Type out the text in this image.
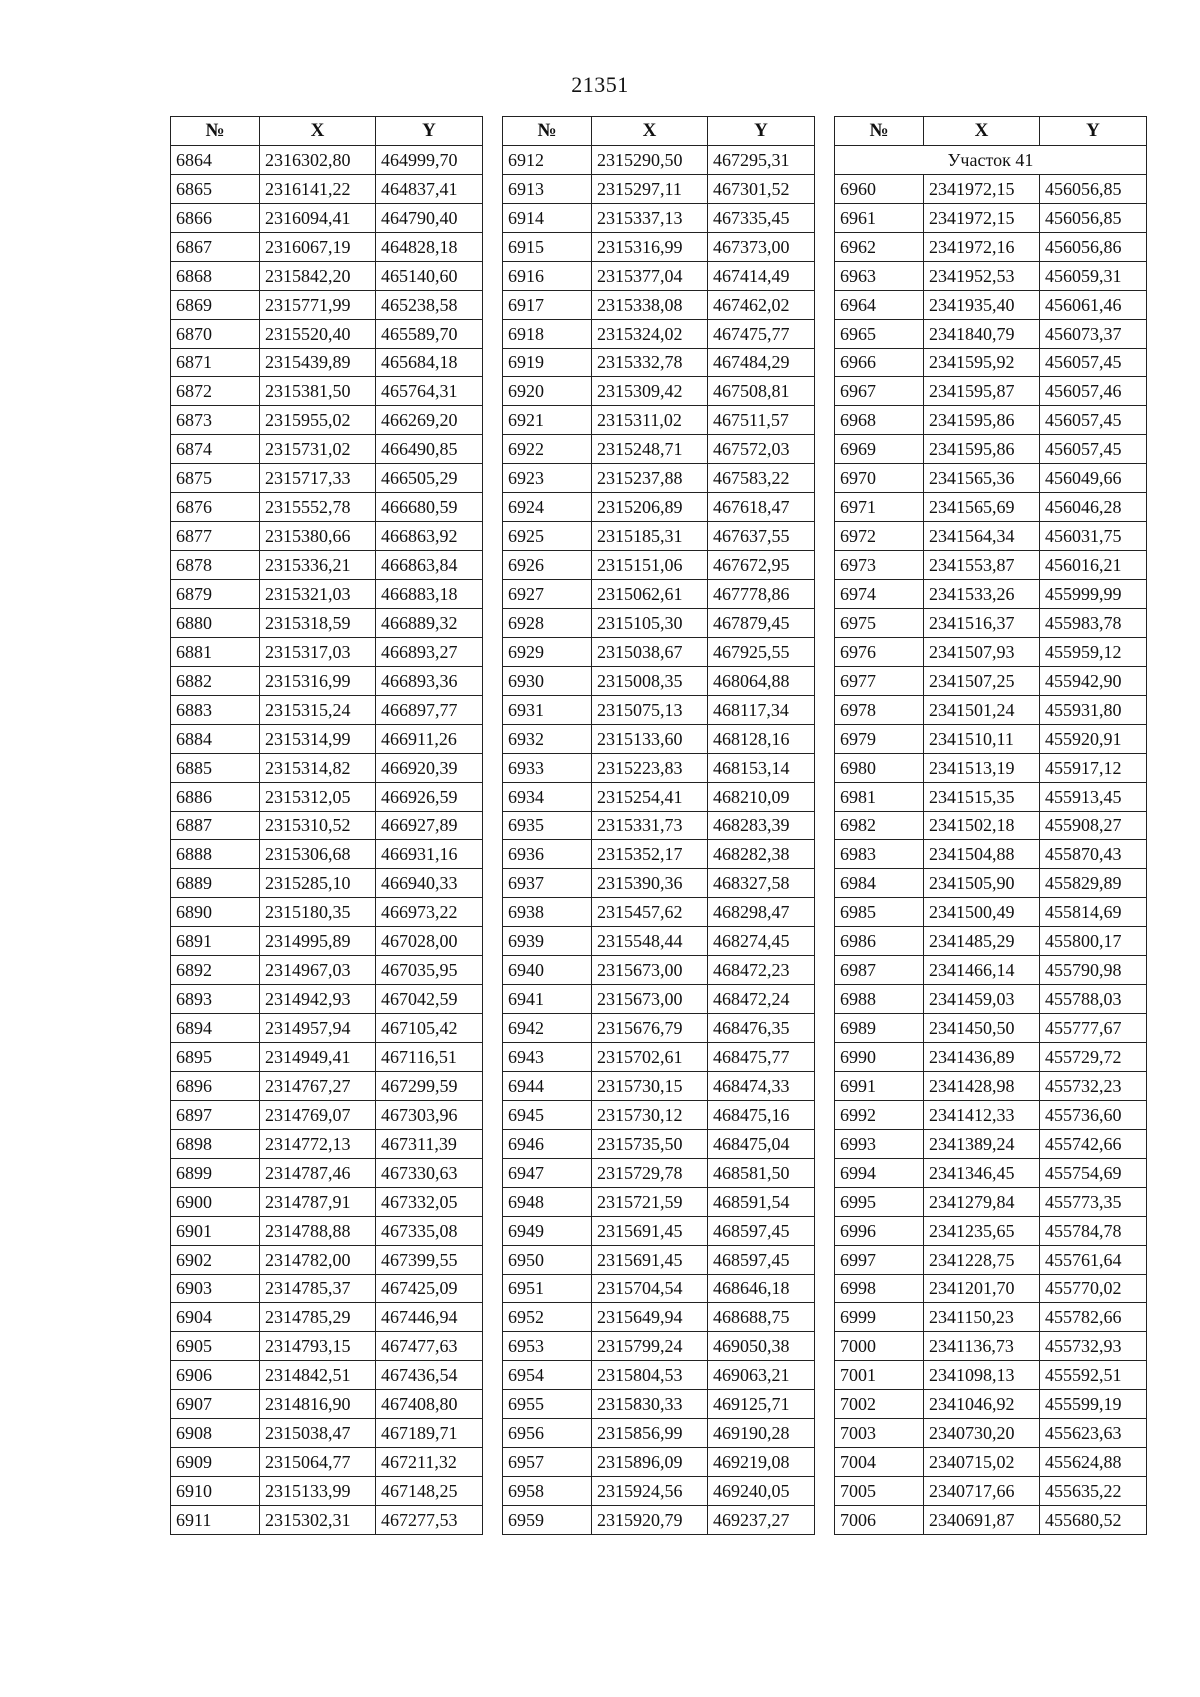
21351
№	X	Y
6864	2316302,80	464999,70
6865	2316141,22	464837,41
6866	2316094,41	464790,40
6867	2316067,19	464828,18
6868	2315842,20	465140,60
6869	2315771,99	465238,58
6870	2315520,40	465589,70
6871	2315439,89	465684,18
6872	2315381,50	465764,31
6873	2315955,02	466269,20
6874	2315731,02	466490,85
6875	2315717,33	466505,29
6876	2315552,78	466680,59
6877	2315380,66	466863,92
6878	2315336,21	466863,84
6879	2315321,03	466883,18
6880	2315318,59	466889,32
6881	2315317,03	466893,27
6882	2315316,99	466893,36
6883	2315315,24	466897,77
6884	2315314,99	466911,26
6885	2315314,82	466920,39
6886	2315312,05	466926,59
6887	2315310,52	466927,89
6888	2315306,68	466931,16
6889	2315285,10	466940,33
6890	2315180,35	466973,22
6891	2314995,89	467028,00
6892	2314967,03	467035,95
6893	2314942,93	467042,59
6894	2314957,94	467105,42
6895	2314949,41	467116,51
6896	2314767,27	467299,59
6897	2314769,07	467303,96
6898	2314772,13	467311,39
6899	2314787,46	467330,63
6900	2314787,91	467332,05
6901	2314788,88	467335,08
6902	2314782,00	467399,55
6903	2314785,37	467425,09
6904	2314785,29	467446,94
6905	2314793,15	467477,63
6906	2314842,51	467436,54
6907	2314816,90	467408,80
6908	2315038,47	467189,71
6909	2315064,77	467211,32
6910	2315133,99	467148,25
6911	2315302,31	467277,53
№	X	Y
6912	2315290,50	467295,31
6913	2315297,11	467301,52
6914	2315337,13	467335,45
6915	2315316,99	467373,00
6916	2315377,04	467414,49
6917	2315338,08	467462,02
6918	2315324,02	467475,77
6919	2315332,78	467484,29
6920	2315309,42	467508,81
6921	2315311,02	467511,57
6922	2315248,71	467572,03
6923	2315237,88	467583,22
6924	2315206,89	467618,47
6925	2315185,31	467637,55
6926	2315151,06	467672,95
6927	2315062,61	467778,86
6928	2315105,30	467879,45
6929	2315038,67	467925,55
6930	2315008,35	468064,88
6931	2315075,13	468117,34
6932	2315133,60	468128,16
6933	2315223,83	468153,14
6934	2315254,41	468210,09
6935	2315331,73	468283,39
6936	2315352,17	468282,38
6937	2315390,36	468327,58
6938	2315457,62	468298,47
6939	2315548,44	468274,45
6940	2315673,00	468472,23
6941	2315673,00	468472,24
6942	2315676,79	468476,35
6943	2315702,61	468475,77
6944	2315730,15	468474,33
6945	2315730,12	468475,16
6946	2315735,50	468475,04
6947	2315729,78	468581,50
6948	2315721,59	468591,54
6949	2315691,45	468597,45
6950	2315691,45	468597,45
6951	2315704,54	468646,18
6952	2315649,94	468688,75
6953	2315799,24	469050,38
6954	2315804,53	469063,21
6955	2315830,33	469125,71
6956	2315856,99	469190,28
6957	2315896,09	469219,08
6958	2315924,56	469240,05
6959	2315920,79	469237,27
№	X	Y
Участок 41		
6960	2341972,15	456056,85
6961	2341972,15	456056,85
6962	2341972,16	456056,86
6963	2341952,53	456059,31
6964	2341935,40	456061,46
6965	2341840,79	456073,37
6966	2341595,92	456057,45
6967	2341595,87	456057,46
6968	2341595,86	456057,45
6969	2341595,86	456057,45
6970	2341565,36	456049,66
6971	2341565,69	456046,28
6972	2341564,34	456031,75
6973	2341553,87	456016,21
6974	2341533,26	455999,99
6975	2341516,37	455983,78
6976	2341507,93	455959,12
6977	2341507,25	455942,90
6978	2341501,24	455931,80
6979	2341510,11	455920,91
6980	2341513,19	455917,12
6981	2341515,35	455913,45
6982	2341502,18	455908,27
6983	2341504,88	455870,43
6984	2341505,90	455829,89
6985	2341500,49	455814,69
6986	2341485,29	455800,17
6987	2341466,14	455790,98
6988	2341459,03	455788,03
6989	2341450,50	455777,67
6990	2341436,89	455729,72
6991	2341428,98	455732,23
6992	2341412,33	455736,60
6993	2341389,24	455742,66
6994	2341346,45	455754,69
6995	2341279,84	455773,35
6996	2341235,65	455784,78
6997	2341228,75	455761,64
6998	2341201,70	455770,02
6999	2341150,23	455782,66
7000	2341136,73	455732,93
7001	2341098,13	455592,51
7002	2341046,92	455599,19
7003	2340730,20	455623,63
7004	2340715,02	455624,88
7005	2340717,66	455635,22
7006	2340691,87	455680,52
